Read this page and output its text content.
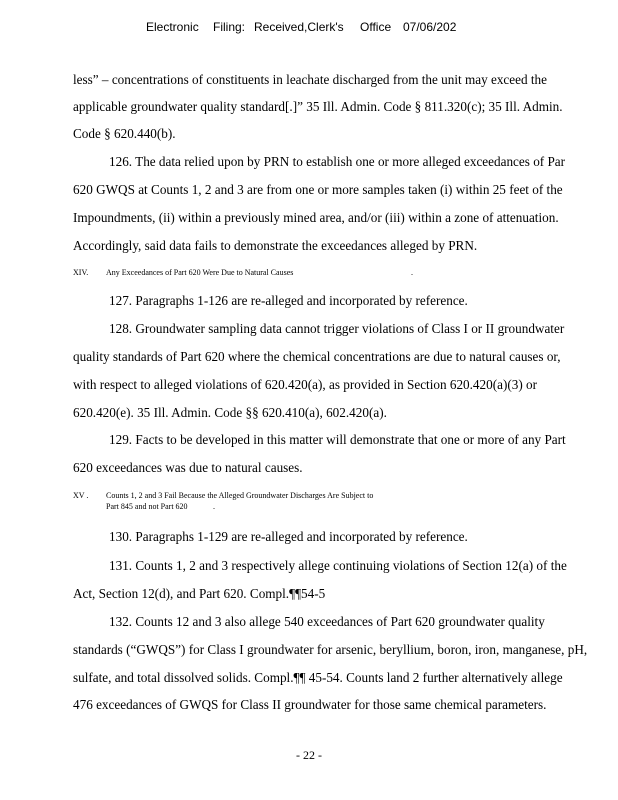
Electronic Filing: Received,Clerk's Office 07/06/202
less” – concentrations of constituents in leachate discharged from the unit may exceed the
applicable groundwater quality standard[.]” 35 Ill. Admin. Code § 811.320(c); 35 Ill. Admin.
Code § 620.440(b).
126. The data relied upon by PRN to establish one or more alleged exceedances of Par
620 GWQS at Counts 1, 2 and 3 are from one or more samples taken (i) within 25 feet of the
Impoundments, (ii) within a previously mined area, and/or (iii) within a zone of attenuation.
Accordingly, said data fails to demonstrate the exceedances alleged by PRN.
XIV. Any Exceedances of Part 620 Were Due to Natural Causes	.
127. Paragraphs 1-126 are re-alleged and incorporated by reference.
128. Groundwater sampling data cannot trigger violations of Class I or II groundwater
quality standards of Part 620 where the chemical concentrations are due to natural causes or,
with respect to alleged violations of 620.420(a), as provided in Section 620.420(a)(3) or
620.420(e). 35 Ill. Admin. Code §§ 620.410(a), 602.420(a).
129. Facts to be developed in this matter will demonstrate that one or more of any Part
620 exceedances was due to natural causes.
XV . Counts 1, 2 and 3 Fail Because the Alleged Groundwater Discharges Are Subject to
Part 845 and not Part 620	.
130. Paragraphs 1-129 are re-alleged and incorporated by reference.
131. Counts 1, 2 and 3 respectively allege continuing violations of Section 12(a) of the
Act, Section 12(d), and Part 620. Compl.¶¶54-5
132. Counts 12 and 3 also allege 540 exceedances of Part 620 groundwater quality
standards (“GWQS”) for Class I groundwater for arsenic, beryllium, boron, iron, manganese, pH,
sulfate, and total dissolved solids. Compl.¶¶ 45-54. Counts land 2 further alternatively allege
476 exceedances of GWQS for Class II groundwater for those same chemical parameters.
- 22 -
